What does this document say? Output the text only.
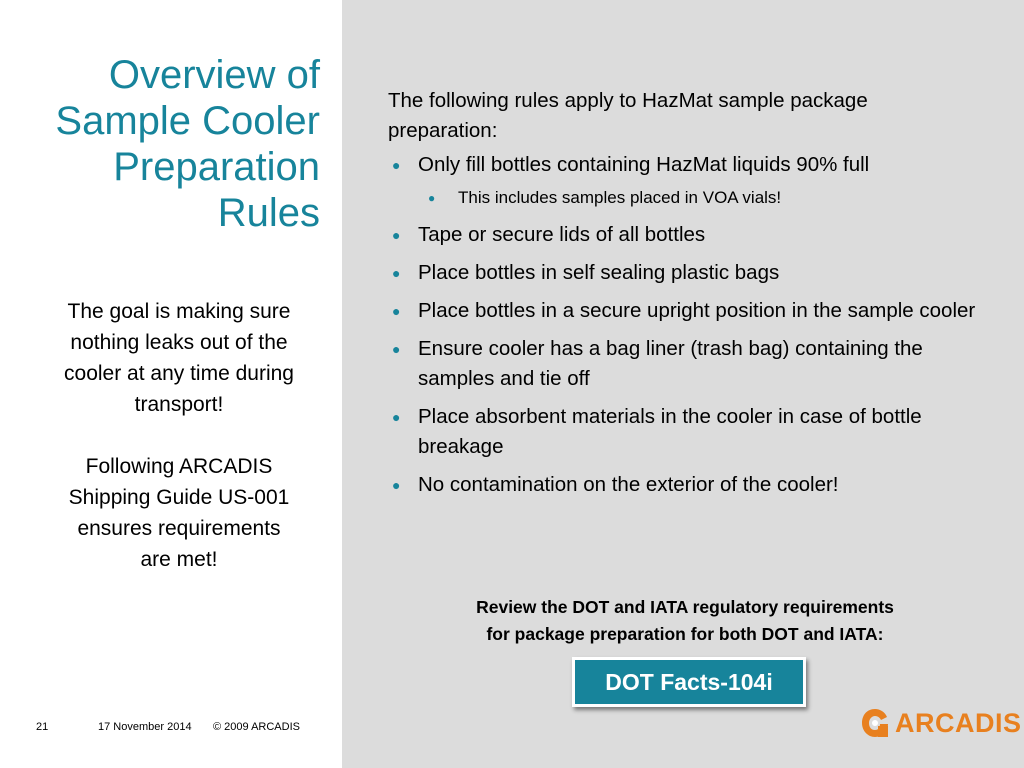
Overview of
Sample Cooler
Preparation
Rules

The goal is making sure
nothing leaks out of the
cooler at any time during
transport!

Following ARCADIS
Shipping Guide US-001
ensures requirements
are met!

The following rules apply to HazMat sample package
preparation:

● Only fill bottles containing HazMat liquids 90% full
● This includes samples placed in VOA vials!
● Tape or secure lids of all bottles
● Place bottles in self sealing plastic bags
● Place bottles in a secure upright position in the sample cooler
● Ensure cooler has a bag liner (trash bag) containing the samples and tie off
● Place absorbent materials in the cooler in case of bottle breakage
● No contamination on the exterior of the cooler!
Review the DOT and IATA regulatory requirements
for package preparation for both DOT and IATA:
DOT Facts-104i
21	17 November 2014 © 2009 ARCADIS	ARCADIS
